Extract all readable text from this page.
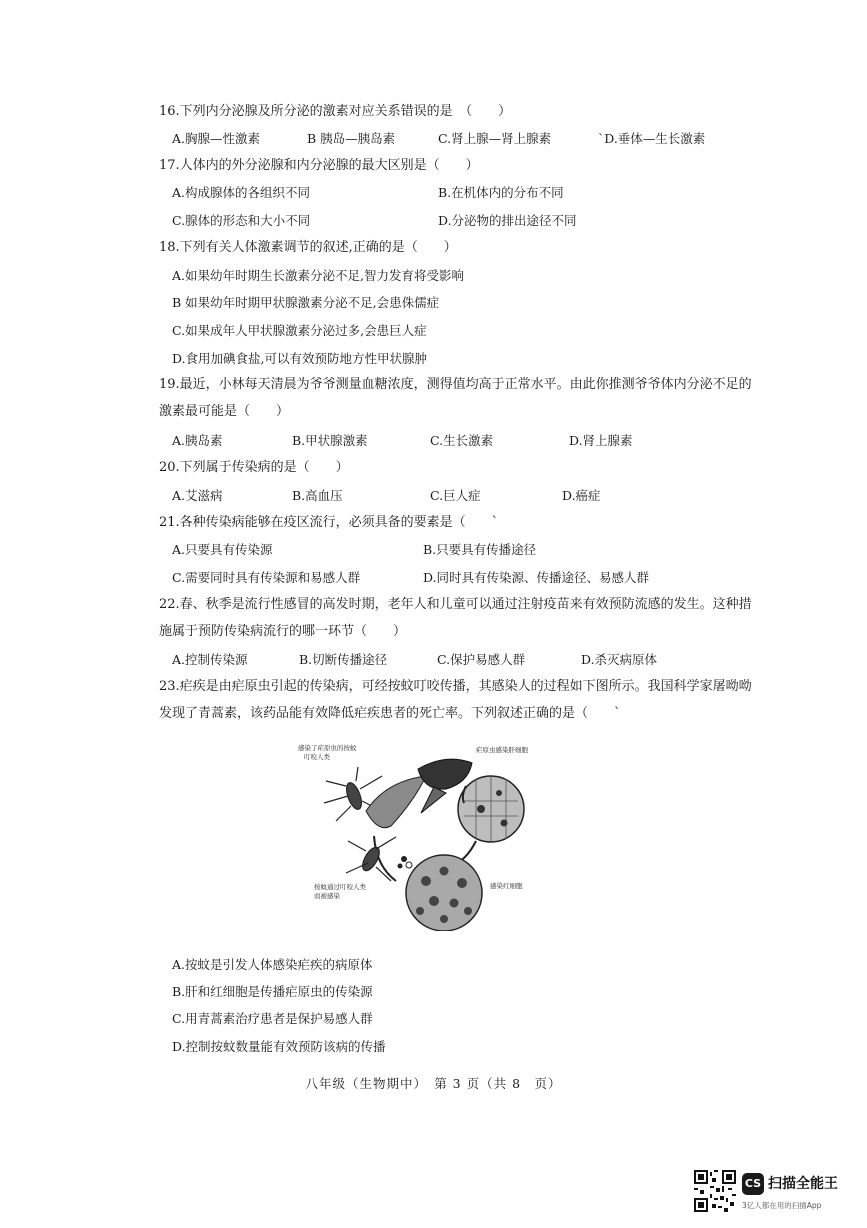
16.下列内分泌腺及所分泌的激素对应关系错误的是　（　　）
A.胸腺—性激素	B 胰岛—胰岛素	C.肾上腺—肾上腺素	`D.垂体—生长激素
17.人体内的外分泌腺和内分泌腺的最大区别是（　　）
A.构成腺体的各组织不同	B.在机体内的分布不同
C.腺体的形态和大小不同	D.分泌物的排出途径不同
18.下列有关人体激素调节的叙述,正确的是（　　）
A.如果幼年时期生长激素分泌不足,智力发育将受影响
B 如果幼年时期甲状腺激素分泌不足,会患侏儒症
C.如果成年人甲状腺激素分泌过多,会患巨人症
D.食用加碘食盐,可以有效预防地方性甲状腺肿
19.最近，小林每天清晨为爷爷测量血糖浓度，测得值均高于正常水平。由此你推测爷爷体内分泌不足的
激素最可能是（　　）
A.胰岛素	B.甲状腺激素	C.生长激素	D.肾上腺素
20.下列属于传染病的是（　　）
A.艾滋病	B.高血压	C.巨人症	D.癌症
21.各种传染病能够在疫区流行，必须具备的要素是（　　`
A.只要具有传染源	B.只要具有传播途径
C.需要同时具有传染源和易感人群	D.同时具有传染源、传播途径、易感人群
22.春、秋季是流行性感冒的高发时期，老年人和儿童可以通过注射疫苗来有效预防流感的发生。这种措
施属于预防传染病流行的哪一环节（　　）
A.控制传染源	B.切断传播途径	C.保护易感人群	D.杀灭病原体
23.疟疾是由疟原虫引起的传染病，可经按蚊叮咬传播，其感染人的过程如下图所示。我国科学家屠呦呦
发现了青蒿素，该药品能有效降低疟疾患者的死亡率。下列叙述正确的是（　　`
感染了疟原虫的按蚊
叮咬人类
疟原虫感染肝细胞
按蚊通过叮咬人类
而被感染
感染红细胞
A.按蚊是引发人体感染疟疾的病原体
B.肝和红细胞是传播疟原虫的传染源
C.用青蒿素治疗患者是保护易感人群
D.控制按蚊数量能有效预防该病的传播
八年级（生物期中）　第 3 页（共 8　页）
CS 扫描全能王
3亿人都在用的扫描App
